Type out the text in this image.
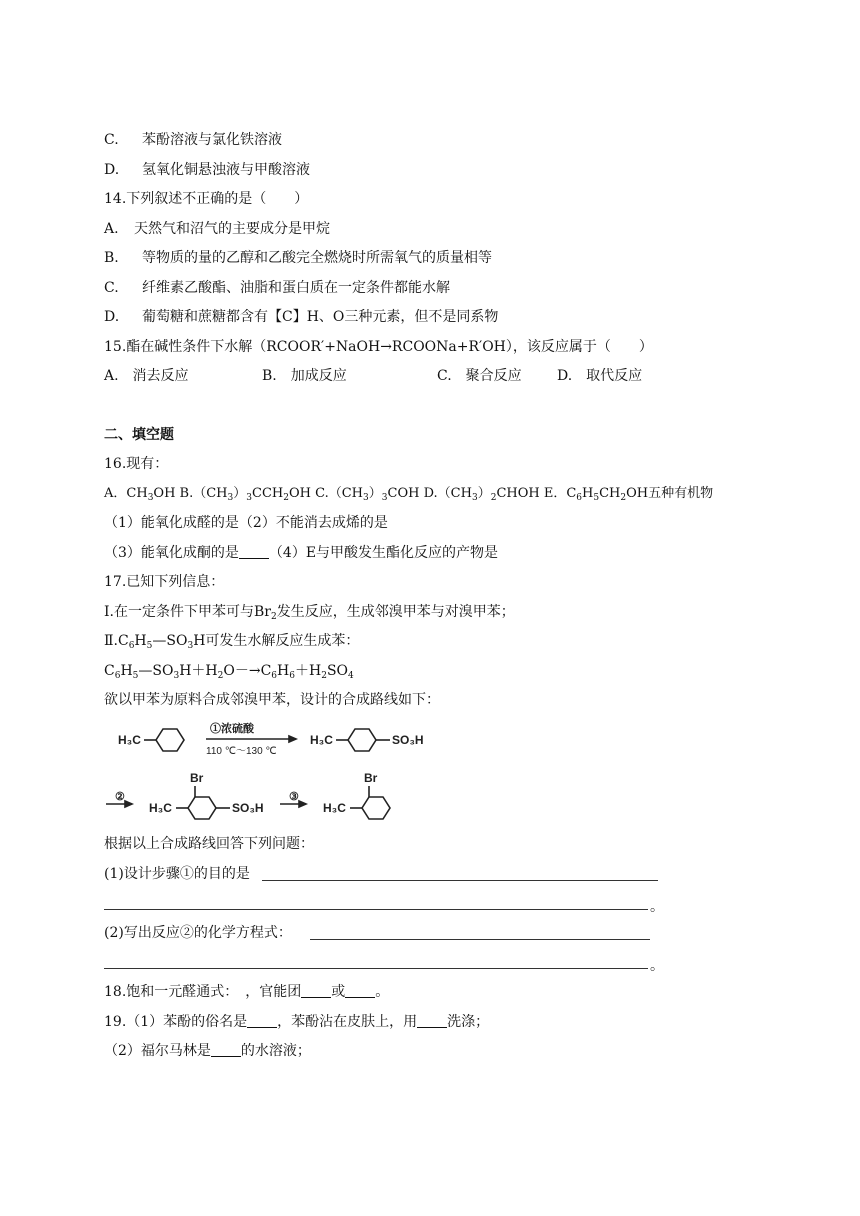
C. 苯酚溶液与氯化铁溶液
D. 氢氧化铜悬浊液与甲酸溶液
14.下列叙述不正确的是（　　）
A. 天然气和沼气的主要成分是甲烷
B. 等物质的量的乙醇和乙酸完全燃烧时所需氧气的质量相等
C. 纤维素乙酸酯、油脂和蛋白质在一定条件都能水解
D. 葡萄糖和蔗糖都含有【C】H、O三种元素，但不是同系物
15.酯在碱性条件下水解（RCOOR′+NaOH→RCOONa+R′OH），该反应属于（　　）
A.　消去反应	B.　加成反应	C.　聚合反应	D.　取代反应
二、填空题
16.现有：
A．$CH_3OH$ $B.(CH_3)_3CCH_2OH$ $C.(CH_3)_3COH$ $D.(CH_3)_2CHOH$ E．$C_6H_5CH_2OH$五种有机物
（1）能氧化成醛的是（2）不能消去成烯的是
（3）能氧化成酮的是 （4）E与甲酸发生酯化反应的产物是
17.已知下列信息：
Ⅰ.在一定条件下甲苯可与$Br_2$发生反应，生成邻溴甲苯与对溴甲苯；
$Ⅱ.C_6H_5—SO_3H$可发生水解反应生成苯：
$C_6H_5—SO_3H+H_2O-\to C_6H_6+H_2SO_4$
欲以甲苯为原料合成邻溴甲苯，设计的合成路线如下：
H₃C
①浓硫酸
110 ℃～130 ℃
H₃C	SO₃H
②
Br
H₃C	SO₃H
③
Br
H₃C
根据以上合成路线回答下列问题：
(1)设计步骤①的目的是
。
(2)写出反应②的化学方程式：
。
18.饱和一元醛通式：　，官能团 或 。
19.（1）苯酚的俗名是 ，苯酚沾在皮肤上，用 洗涤；
（2）福尔马林是 的水溶液；
